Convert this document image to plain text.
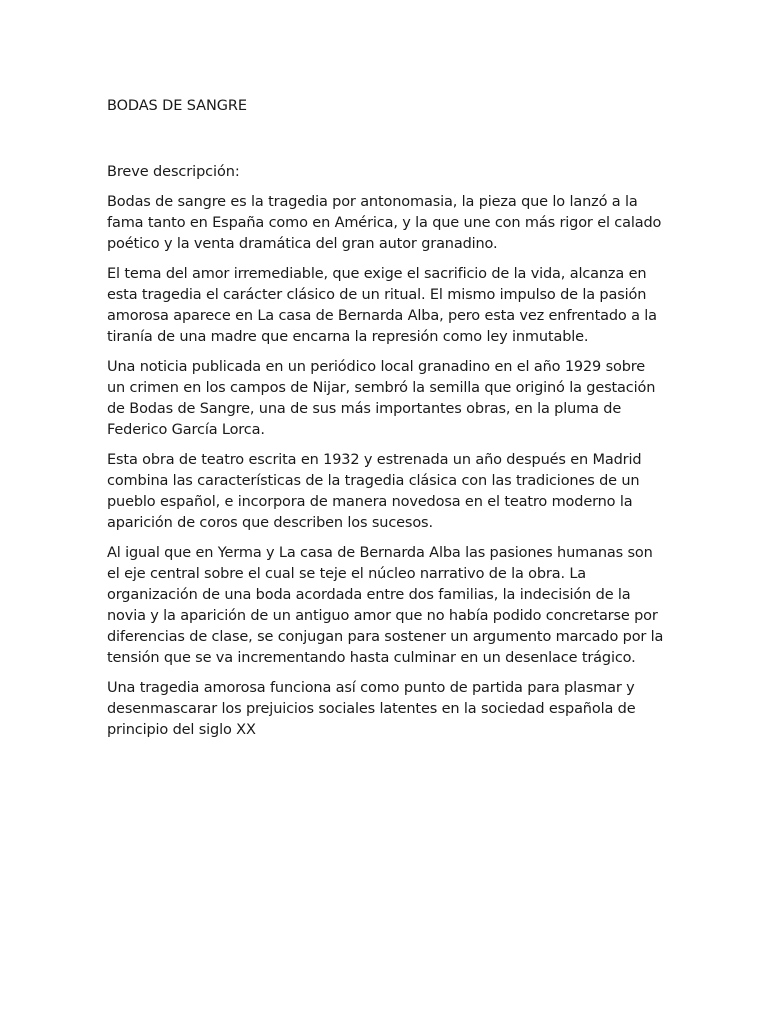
BODAS DE SANGRE

Breve descripción:

Bodas de sangre es la tragedia por antonomasia, la pieza que lo lanzó a la fama tanto en España como en América, y la que une con más rigor el calado poético y la venta dramática del gran autor granadino.

El tema del amor irremediable, que exige el sacrificio de la vida, alcanza en esta tragedia el carácter clásico de un ritual. El mismo impulso de la pasión amorosa aparece en La casa de Bernarda Alba, pero esta vez enfrentado a la tiranía de una madre que encarna la represión como ley inmutable.

Una noticia publicada en un periódico local granadino en el año 1929 sobre un crimen en los campos de Nijar, sembró la semilla que originó la gestación de Bodas de Sangre, una de sus más importantes obras, en la pluma de Federico García Lorca.

Esta obra de teatro escrita en 1932 y estrenada un año después en Madrid combina las características de la tragedia clásica con las tradiciones de un pueblo español, e incorpora de manera novedosa en el teatro moderno la aparición de coros que describen los sucesos.

Al igual que en Yerma y La casa de Bernarda Alba las pasiones humanas son el eje central sobre el cual se teje el núcleo narrativo de la obra. La organización de una boda acordada entre dos familias, la indecisión de la novia y la aparición de un antiguo amor que no había podido concretarse por diferencias de clase, se conjugan para sostener un argumento marcado por la tensión que se va incrementando hasta culminar en un desenlace trágico.

Una tragedia amorosa funciona así como punto de partida para plasmar y desenmascarar los prejuicios sociales latentes en la sociedad española de principio del siglo XX
